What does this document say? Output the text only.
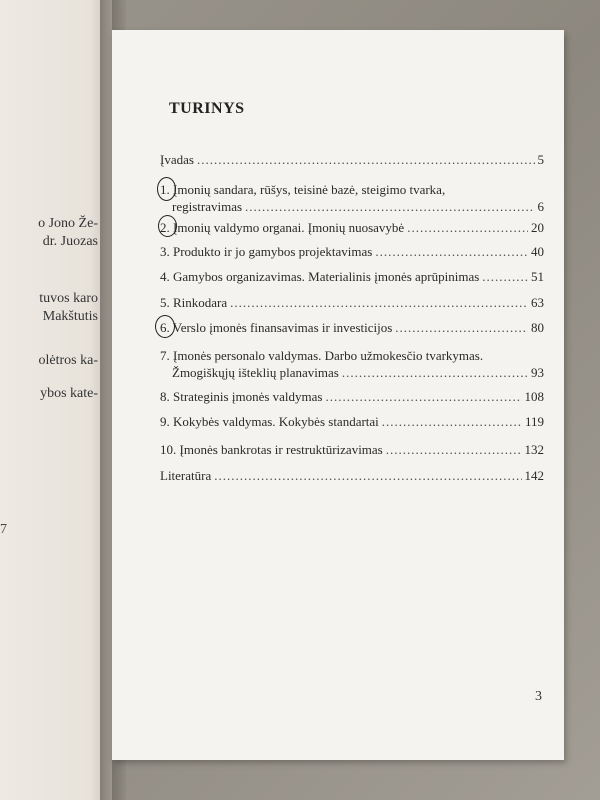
o Jono Že-
dr. Juozas
tuvos karo
Makštutis
olėtros ka-
ybos kate-
7
TURINYS
Įvadas .....	5
1. Įmonių sandara, rūšys, teisinė bazė, steigimo tvarka,
registravimas .....	6
2. Įmonių valdymo organai. Įmonių nuosavybė .....	20
3. Produkto ir jo gamybos projektavimas .....	40
4. Gamybos organizavimas. Materialinis įmonės aprūpinimas .....	51
5. Rinkodara .....	63
6. Verslo įmonės finansavimas ir investicijos .....	80
7. Įmonės personalo valdymas. Darbo užmokesčio tvarkymas.
Žmogiškųjų išteklių planavimas .....	93
8. Strateginis įmonės valdymas .....	108
9. Kokybės valdymas. Kokybės standartai .....	119
10. Įmonės bankrotas ir restruktūrizavimas .....	132
Literatūra .....	142
3
